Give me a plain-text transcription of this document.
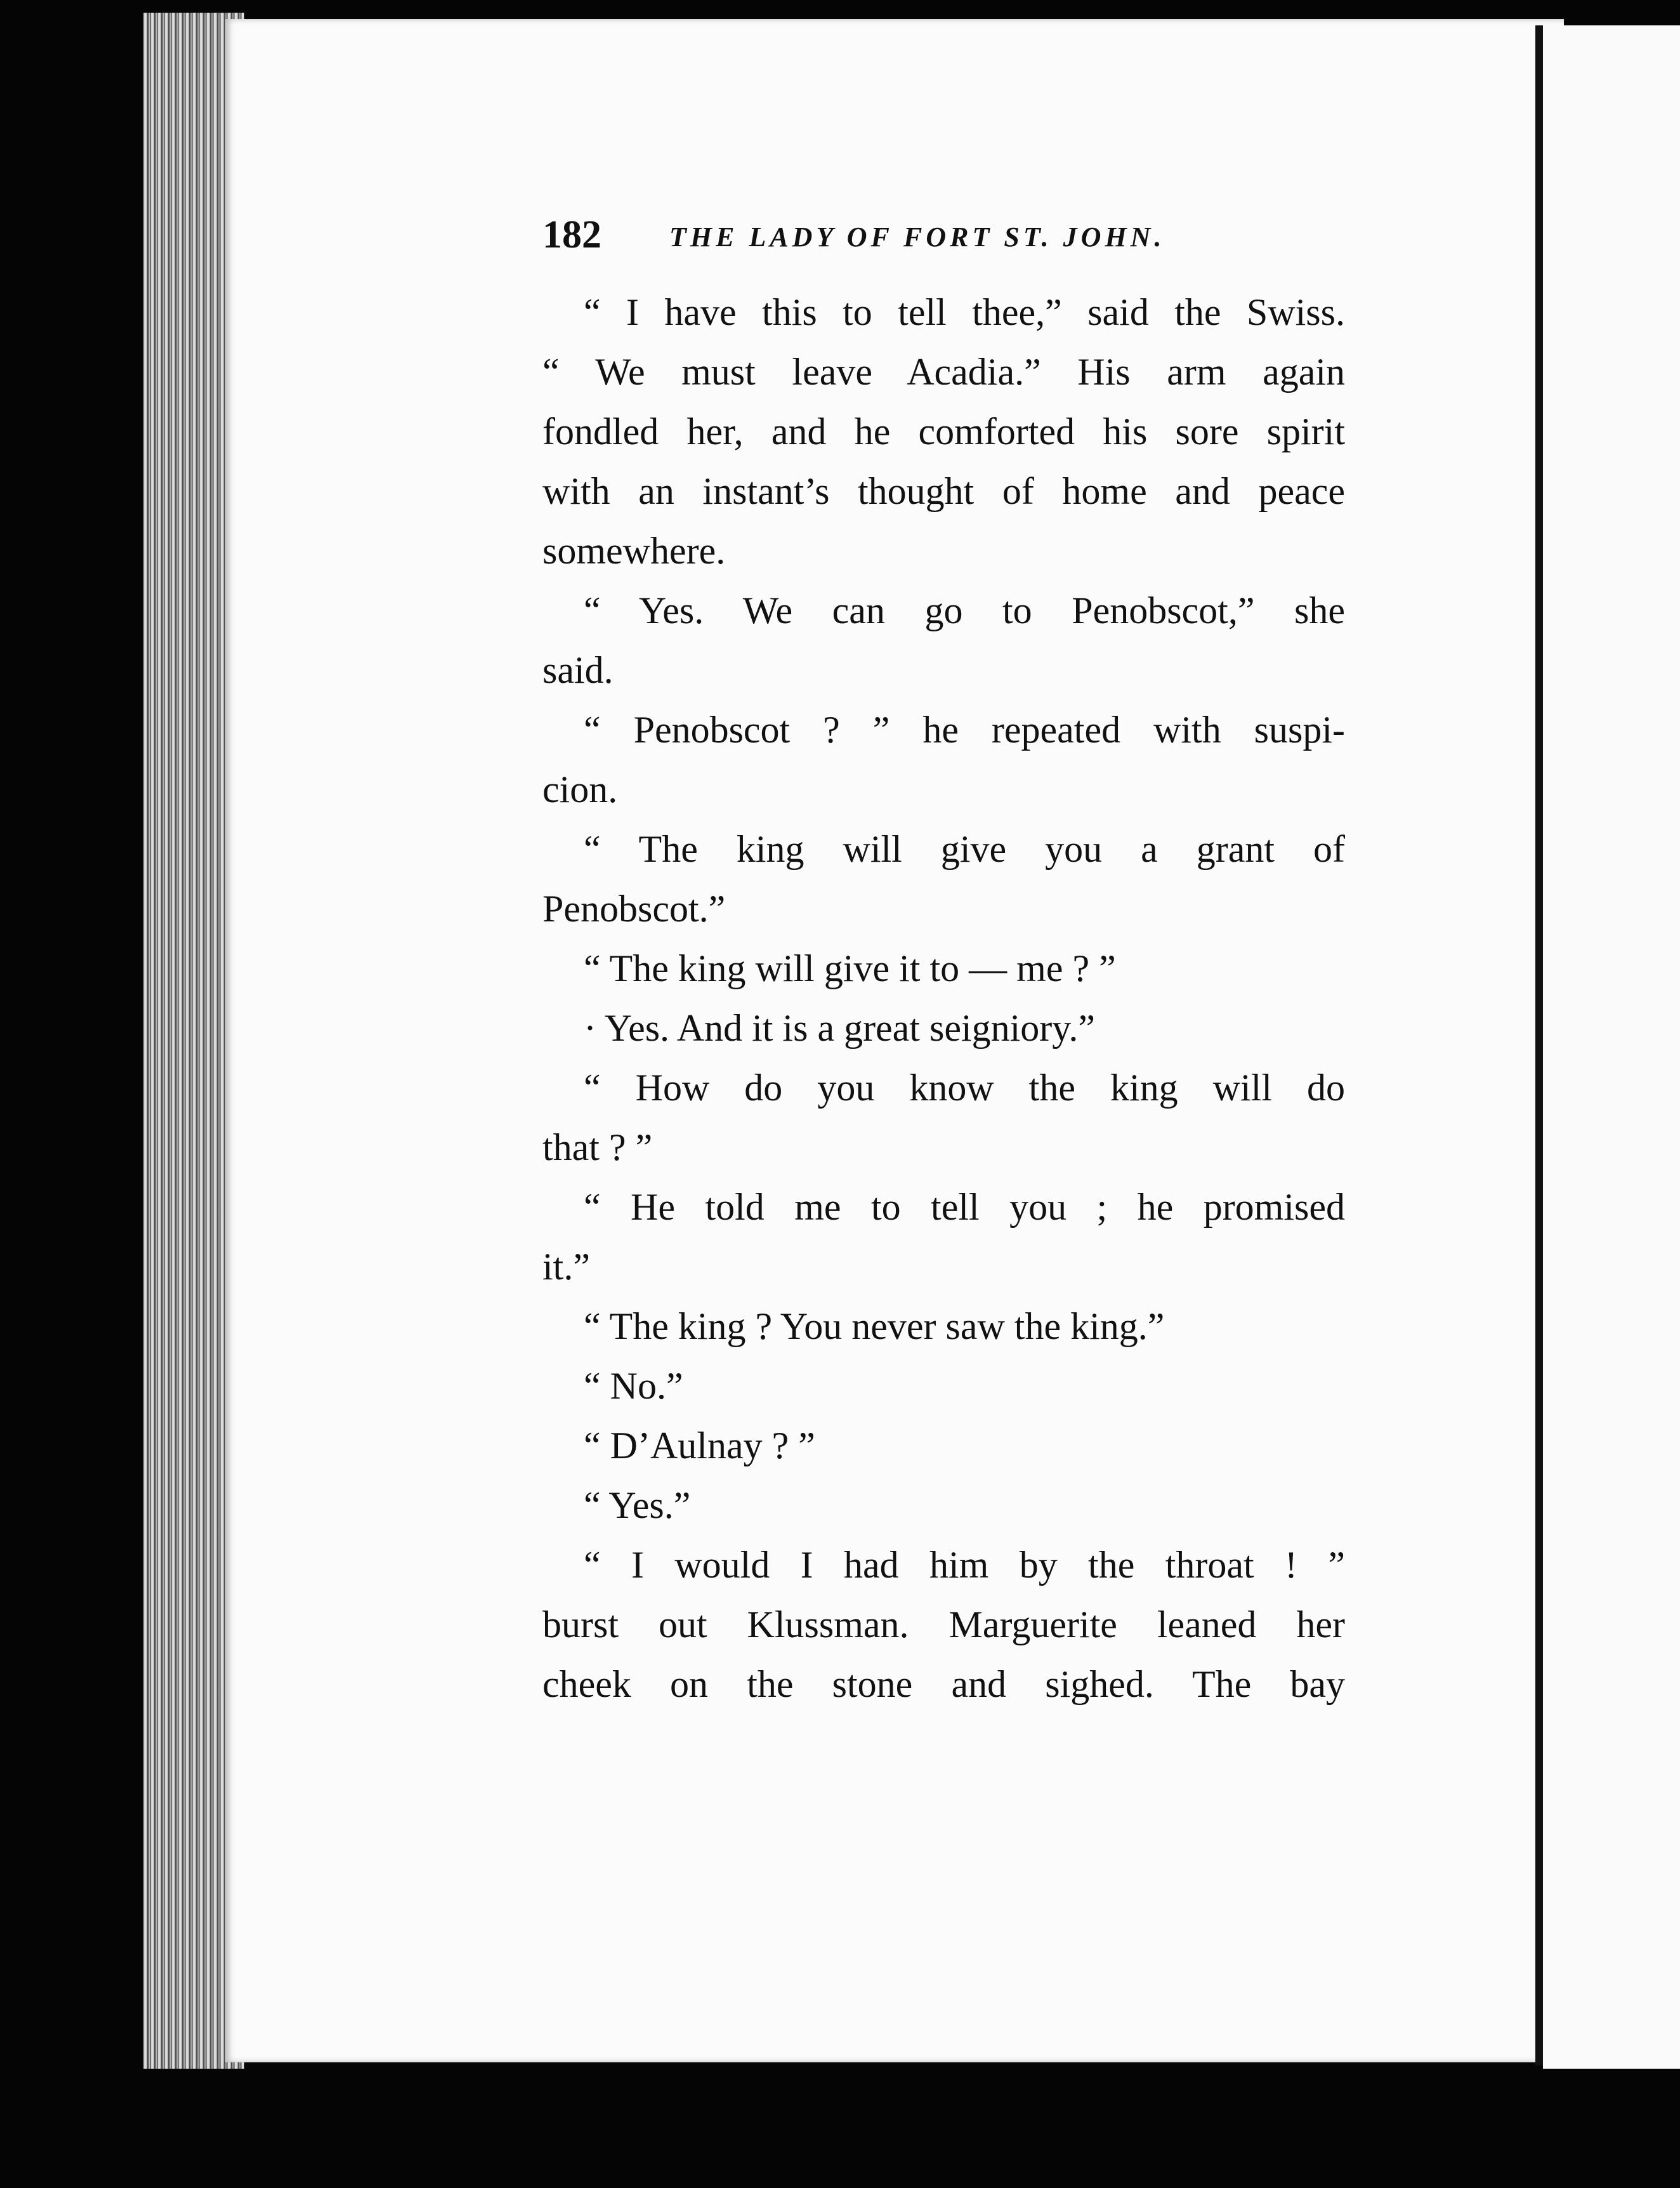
182 THE LADY OF FORT ST. JOHN.
“ I have this to tell thee,” said the Swiss.
“ We must leave Acadia.” His arm again
fondled her, and he comforted his sore spirit
with an instant’s thought of home and peace
somewhere.
“ Yes. We can go to Penobscot,” she
said.
“ Penobscot ? ” he repeated with suspi-
cion.
“ The king will give you a grant of
Penobscot.”
“ The king will give it to — me ? ”
· Yes. And it is a great seigniory.”
“ How do you know the king will do
that ? ”
“ He told me to tell you ; he promised
it.”
“ The king ? You never saw the king.”
“ No.”
“ D’Aulnay ? ”
“ Yes.”
“ I would I had him by the throat ! ”
burst out Klussman. Marguerite leaned her
cheek on the stone and sighed. The bay
